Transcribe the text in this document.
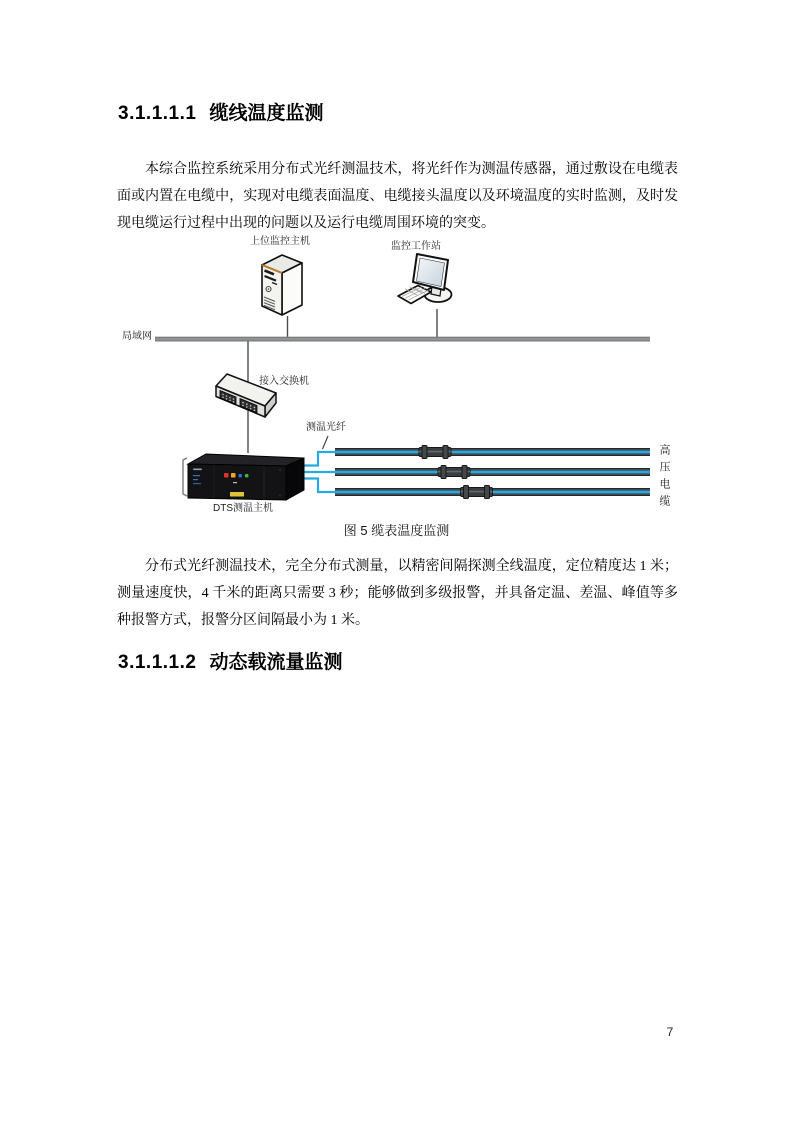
3.1.1.1.1 缆线温度监测
本综合监控系统采用分布式光纤测温技术，将光纤作为测温传感器，通过敷设在电缆表面或内置在电缆中，实现对电缆表面温度、电缆接头温度以及环境温度的实时监测，及时发现电缆运行过程中出现的问题以及运行电缆周围环境的突变。
上位监控主机	监控工作站
局域网
接入交换机
测温光纤
DTS测温主机	高压电缆
图 5 缆表温度监测
分布式光纤测温技术，完全分布式测量，以精密间隔探测全线温度，定位精度达 1 米；测量速度快，4 千米的距离只需要 3 秒；能够做到多级报警，并具备定温、差温、峰值等多种报警方式，报警分区间隔最小为 1 米。
3.1.1.1.2 动态载流量监测
7
